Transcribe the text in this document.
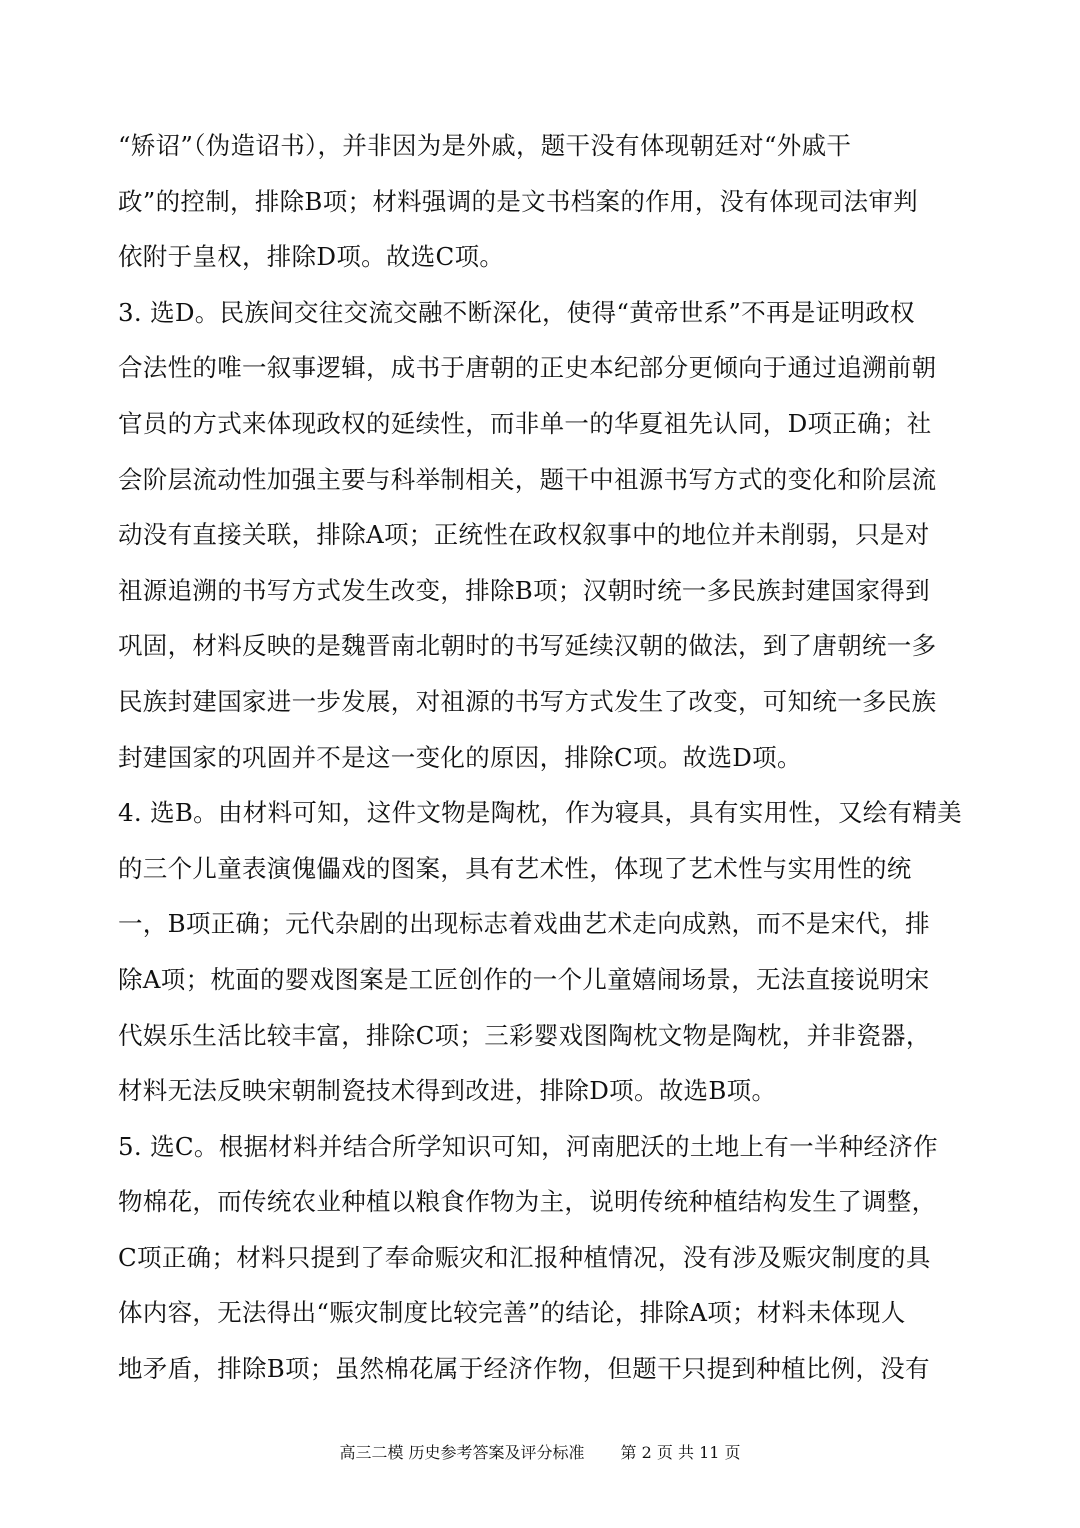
“矫诏”（伪造诏书），并非因为是外戚，题干没有体现朝廷对“外戚干
政”的控制，排除B项；材料强调的是文书档案的作用，没有体现司法审判
依附于皇权，排除D项。故选C项。
3. 选D。民族间交往交流交融不断深化，使得“黄帝世系”不再是证明政权
合法性的唯一叙事逻辑，成书于唐朝的正史本纪部分更倾向于通过追溯前朝
官员的方式来体现政权的延续性，而非单一的华夏祖先认同，D项正确；社
会阶层流动性加强主要与科举制相关，题干中祖源书写方式的变化和阶层流
动没有直接关联，排除A项；正统性在政权叙事中的地位并未削弱，只是对
祖源追溯的书写方式发生改变，排除B项；汉朝时统一多民族封建国家得到
巩固，材料反映的是魏晋南北朝时的书写延续汉朝的做法，到了唐朝统一多
民族封建国家进一步发展，对祖源的书写方式发生了改变，可知统一多民族
封建国家的巩固并不是这一变化的原因，排除C项。故选D项。
4. 选B。由材料可知，这件文物是陶枕，作为寝具，具有实用性，又绘有精美
的三个儿童表演傀儡戏的图案，具有艺术性，体现了艺术性与实用性的统
一，B项正确；元代杂剧的出现标志着戏曲艺术走向成熟，而不是宋代，排
除A项；枕面的婴戏图案是工匠创作的一个儿童嬉闹场景，无法直接说明宋
代娱乐生活比较丰富，排除C项；三彩婴戏图陶枕文物是陶枕，并非瓷器，
材料无法反映宋朝制瓷技术得到改进，排除D项。故选B项。
5. 选C。根据材料并结合所学知识可知，河南肥沃的土地上有一半种经济作
物棉花，而传统农业种植以粮食作物为主，说明传统种植结构发生了调整，
C项正确；材料只提到了奉命赈灾和汇报种植情况，没有涉及赈灾制度的具
体内容，无法得出“赈灾制度比较完善”的结论，排除A项；材料未体现人
地矛盾，排除B项；虽然棉花属于经济作物，但题干只提到种植比例，没有
高三二模 历史参考答案及评分标准 第 2 页 共 11 页
